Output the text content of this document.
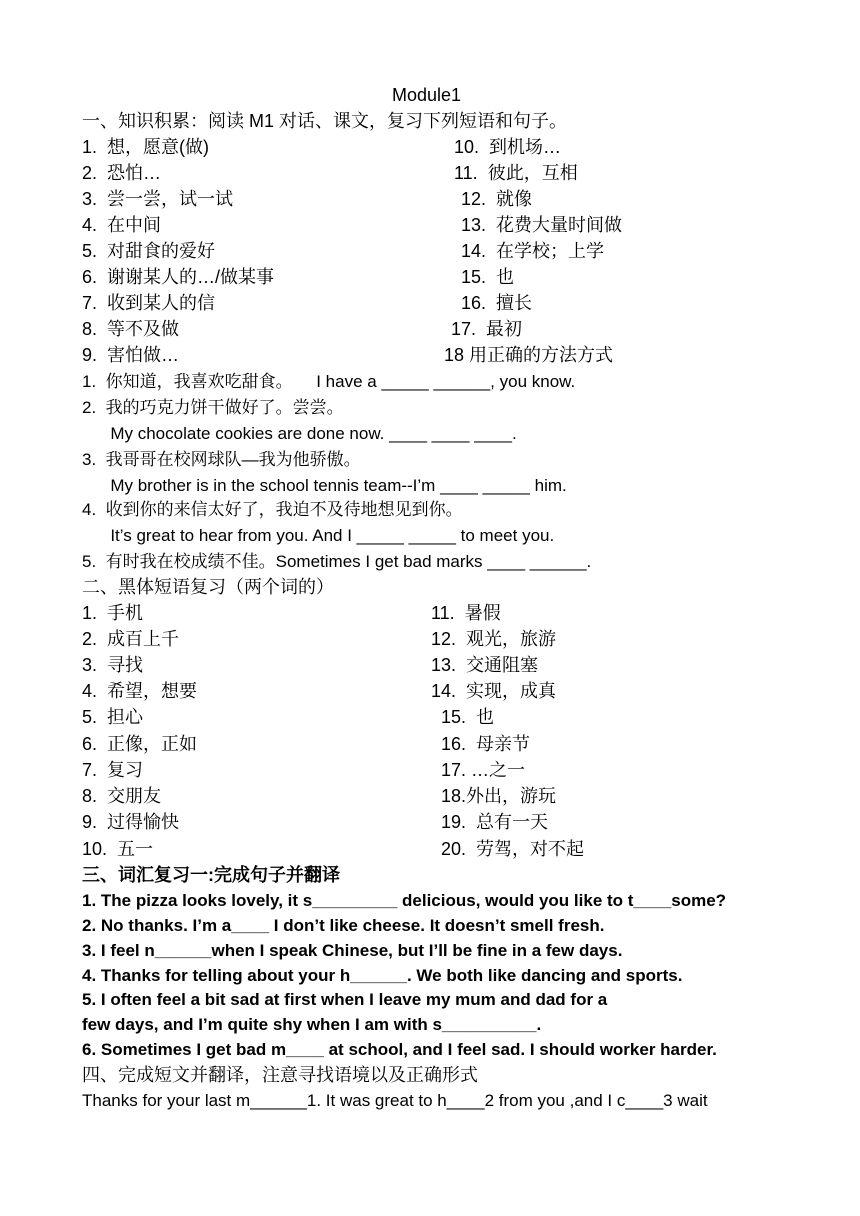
Module1
一、知识积累：阅读 M1 对话、课文，复习下列短语和句子。
1.  想，愿意(做)
2.  恐怕…
3.  尝一尝，试一试
4.  在中间
5.  对甜食的爱好
6.  谢谢某人的…/做某事
7.  收到某人的信
8.  等不及做
9.  害怕做…
10.  到机场…
11.  彼此，互相
12.  就像
13.  花费大量时间做
14.  在学校；上学
15.  也
16.  擅长
17.  最初
18 用正确的方法方式
1.  你知道，我喜欢吃甜食。     I have a _____ ______, you know.
2.  我的巧克力饼干做好了。尝尝。
My chocolate cookies are done now. ____ ____ ____.
3.  我哥哥在校网球队—我为他骄傲。
My brother is in the school tennis team--I’m ____ _____ him.
4.  收到你的来信太好了，我迫不及待地想见到你。
It’s great to hear from you. And I _____ _____ to meet you.
5.  有时我在校成绩不佳。Sometimes I get bad marks ____ ______.
二、黑体短语复习（两个词的）
1.  手机
2.  成百上千
3.  寻找
4.  希望，想要
5.  担心
6.  正像，正如
7.  复习
8.  交朋友
9.  过得愉快
10.  五一
11.  暑假
12.  观光，旅游
13.  交通阻塞
14.  实现，成真
15.  也
16.  母亲节
17. …之一
18.外出，游玩
19.  总有一天
20.  劳驾，对不起
三、词汇复习一:完成句子并翻译
1. The pizza looks lovely, it s_________ delicious, would you like to t____some?
2. No thanks. I’m a____ I don’t like cheese. It doesn’t smell fresh.
3. I feel n______when I speak Chinese, but I’ll be fine in a few days.
4. Thanks for telling about your h______. We both like dancing and sports.
5. I often feel a bit sad at first when I leave my mum and dad for a
few days, and I’m quite shy when I am with s__________.
6. Sometimes I get bad m____ at school, and I feel sad. I should worker harder.
四、完成短文并翻译，注意寻找语境以及正确形式
Thanks for your last m______1. It was great to h____2 from you ,and I c____3 wait
